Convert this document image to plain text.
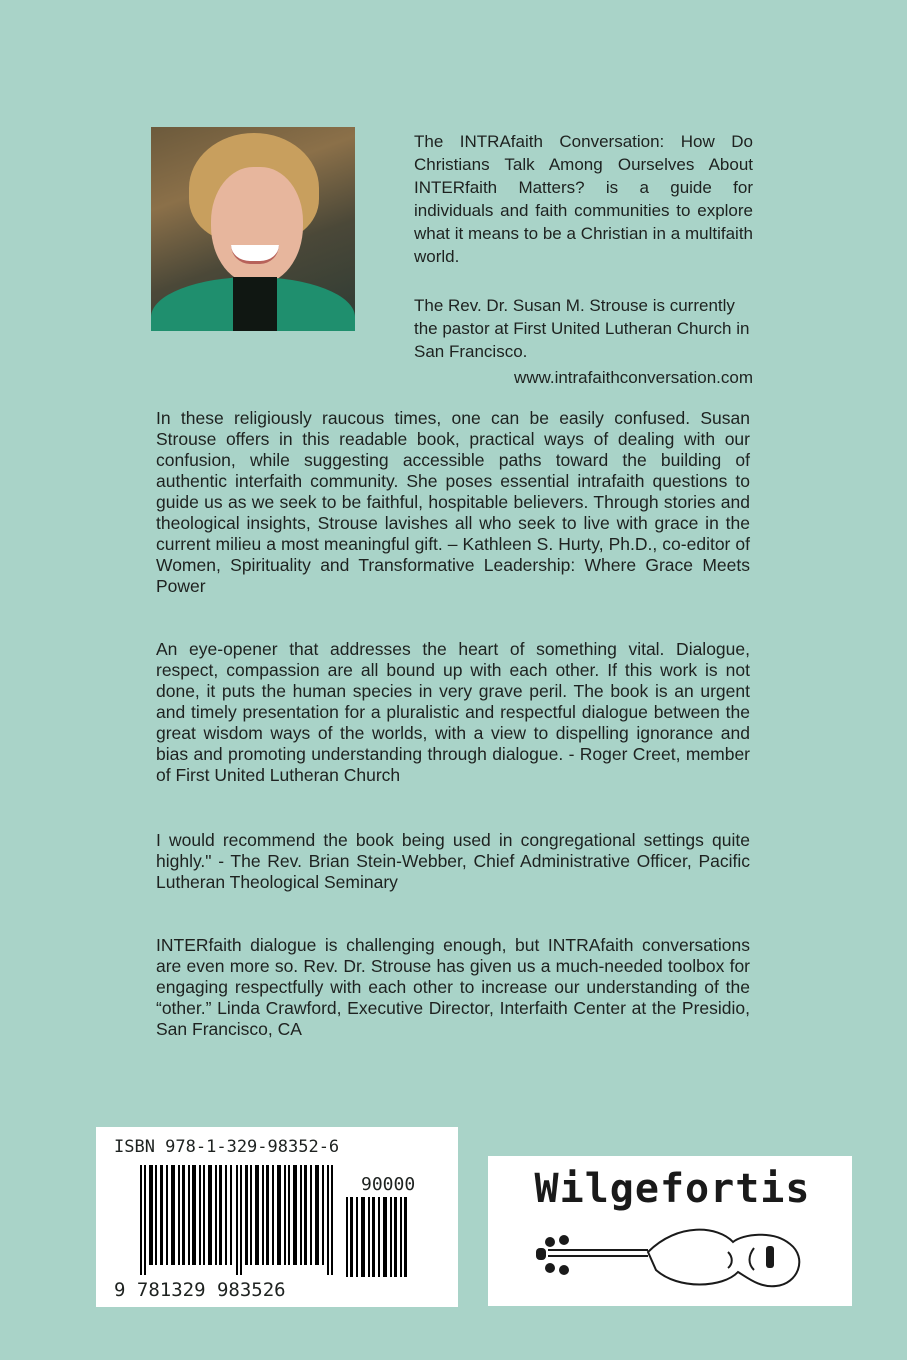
The INTRAfaith Conversation: How Do Christians Talk Among Ourselves About INTERfaith Matters? is a guide for individuals and faith communities to explore what it means to be a Christian in a multifaith world.

The Rev. Dr. Susan M. Strouse is currently the pastor at First United Lutheran Church in San Francisco.

www.intrafaithconversation.com

In these religiously raucous times, one can be easily confused. Susan Strouse offers in this readable book, practical ways of dealing with our confusion, while suggesting accessible paths toward the building of authentic interfaith community. She poses essential intrafaith questions to guide us as we seek to be faithful, hospitable believers. Through stories and theological insights, Strouse lavishes all who seek to live with grace in the current milieu a most meaningful gift. – Kathleen S. Hurty, Ph.D., co-editor of Women, Spirituality and Transformative Leadership: Where Grace Meets Power

An eye-opener that addresses the heart of something vital. Dialogue, respect, compassion are all bound up with each other. If this work is not done, it puts the human species in very grave peril. The book is an urgent and timely presentation for a pluralistic and respectful dialogue between the great wisdom ways of the worlds, with a view to dispelling ignorance and bias and promoting understanding through dialogue. - Roger Creet, member of First United Lutheran Church

I would recommend the book being used in congregational settings quite highly." - The Rev. Brian Stein-Webber, Chief Administrative Officer, Pacific Lutheran Theological Seminary

INTERfaith dialogue is challenging enough, but INTRAfaith conversations are even more so. Rev. Dr. Strouse has given us a much-needed toolbox for engaging respectfully with each other to increase our understanding of the “other.” Linda Crawford, Executive Director, Interfaith Center at the Presidio, San Francisco, CA

ISBN 978-1-329-98352-6
90000
9 781329 983526
Wilgefortis
